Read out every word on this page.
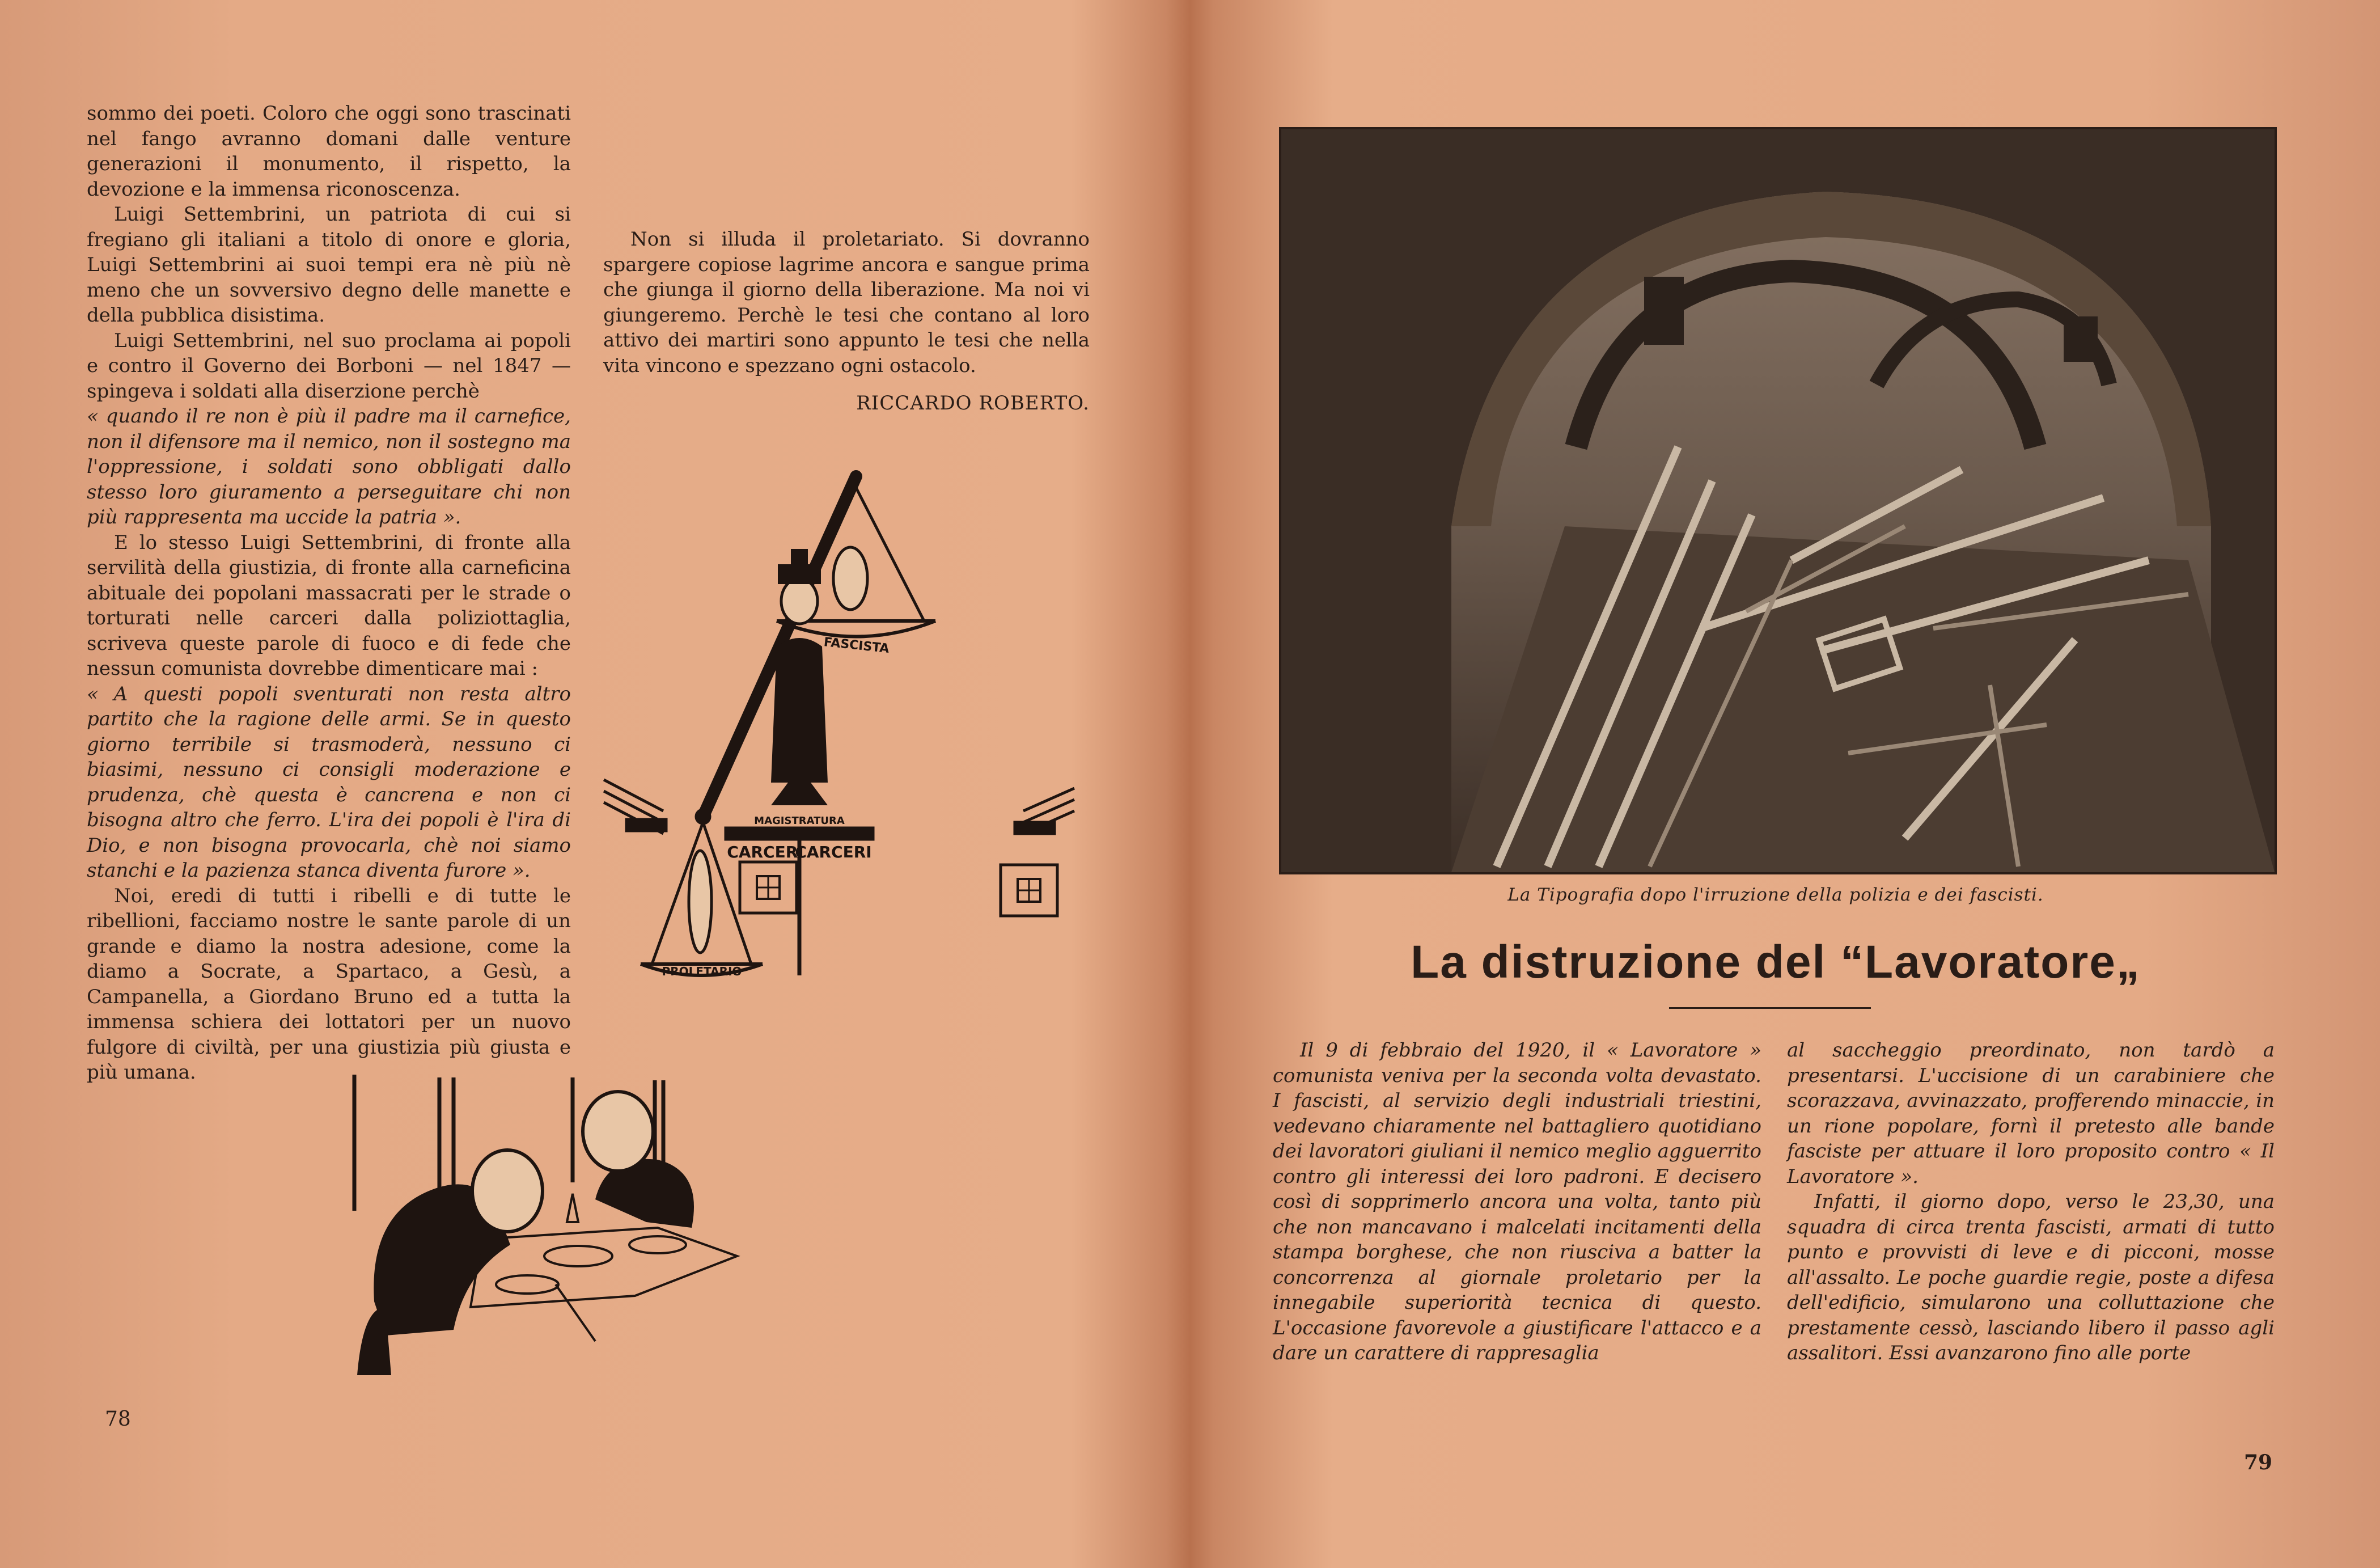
sommo dei poeti. Coloro che oggi sono trascinati nel fango avranno domani dalle venture generazioni il monumento, il rispetto, la devozione e la immensa riconoscenza.

Luigi Settembrini, un patriota di cui si fregiano gli italiani a titolo di onore e gloria, Luigi Settembrini ai suoi tempi era nè più nè meno che un sovversivo degno delle manette e della pubblica disistima.

Luigi Settembrini, nel suo proclama ai popoli e contro il Governo dei Borboni — nel 1847 — spingeva i soldati alla diserzione perchè

« quando il re non è più il padre ma il carnefice, non il difensore ma il nemico, non il sostegno ma l'oppressione, i soldati sono obbligati dallo stesso loro giuramento a perseguitare chi non più rappresenta ma uccide la patria ».

E lo stesso Luigi Settembrini, di fronte alla servilità della giustizia, di fronte alla carneficina abituale dei popolani massacrati per le strade o torturati nelle carceri dalla poliziottaglia, scriveva queste parole di fuoco e di fede che nessun comunista dovrebbe dimenticare mai :

« A questi popoli sventurati non resta altro partito che la ragione delle armi. Se in questo giorno terribile si trasmoderà, nessuno ci biasimi, nessuno ci consigli moderazione e prudenza, chè questa è cancrena e non ci bisogna altro che ferro. L'ira dei popoli è l'ira di Dio, e non bisogna provocarla, chè noi siamo stanchi e la pazienza stanca diventa furore ».

Noi, eredi di tutti i ribelli e di tutte le ribellioni, facciamo nostre le sante parole di un grande e diamo la nostra adesione, come la diamo a Socrate, a Spartaco, a Gesù, a Campanella, a Giordano Bruno ed a tutta la immensa schiera dei lottatori per un nuovo fulgore di civiltà, per una giustizia più giusta e più umana.

Non si illuda il proletariato. Si dovranno spargere copiose lagrime ancora e sangue prima che giunga il giorno della liberazione. Ma noi vi giungeremo. Perchè le tesi che contano al loro attivo dei martiri sono appunto le tesi che nella vita vincono e spezzano ogni ostacolo.

RICCARDO ROBERTO.

FASCISTA
MAGISTRATURA
CARCERI
CARCERI
PROLETARIO
78
La Tipografia dopo l'irruzione della polizia e dei fascisti.
La distruzione del “Lavoratore„

Il 9 di febbraio del 1920, il « Lavoratore » comunista veniva per la seconda volta devastato. I fascisti, al servizio degli industriali triestini, vedevano chiaramente nel battagliero quotidiano dei lavoratori giuliani il nemico meglio agguerrito contro gli interessi dei loro padroni. E decisero così di sopprimerlo ancora una volta, tanto più che non mancavano i malcelati incitamenti della stampa borghese, che non riusciva a batter la concorrenza al giornale proletario per la innegabile superiorità tecnica di questo. L'occasione favorevole a giustificare l'attacco e a dare un carattere di rappresaglia

al saccheggio preordinato, non tardò a presentarsi. L'uccisione di un carabiniere che scorazzava, avvinazzato, profferendo minaccie, in un rione popolare, fornì il pretesto alle bande fasciste per attuare il loro proposito contro « Il Lavoratore ».

Infatti, il giorno dopo, verso le 23,30, una squadra di circa trenta fascisti, armati di tutto punto e provvisti di leve e di picconi, mosse all'assalto. Le poche guardie regie, poste a difesa dell'edificio, simularono una colluttazione che prestamente cessò, lasciando libero il passo agli assalitori. Essi avanzarono fino alle porte

79
